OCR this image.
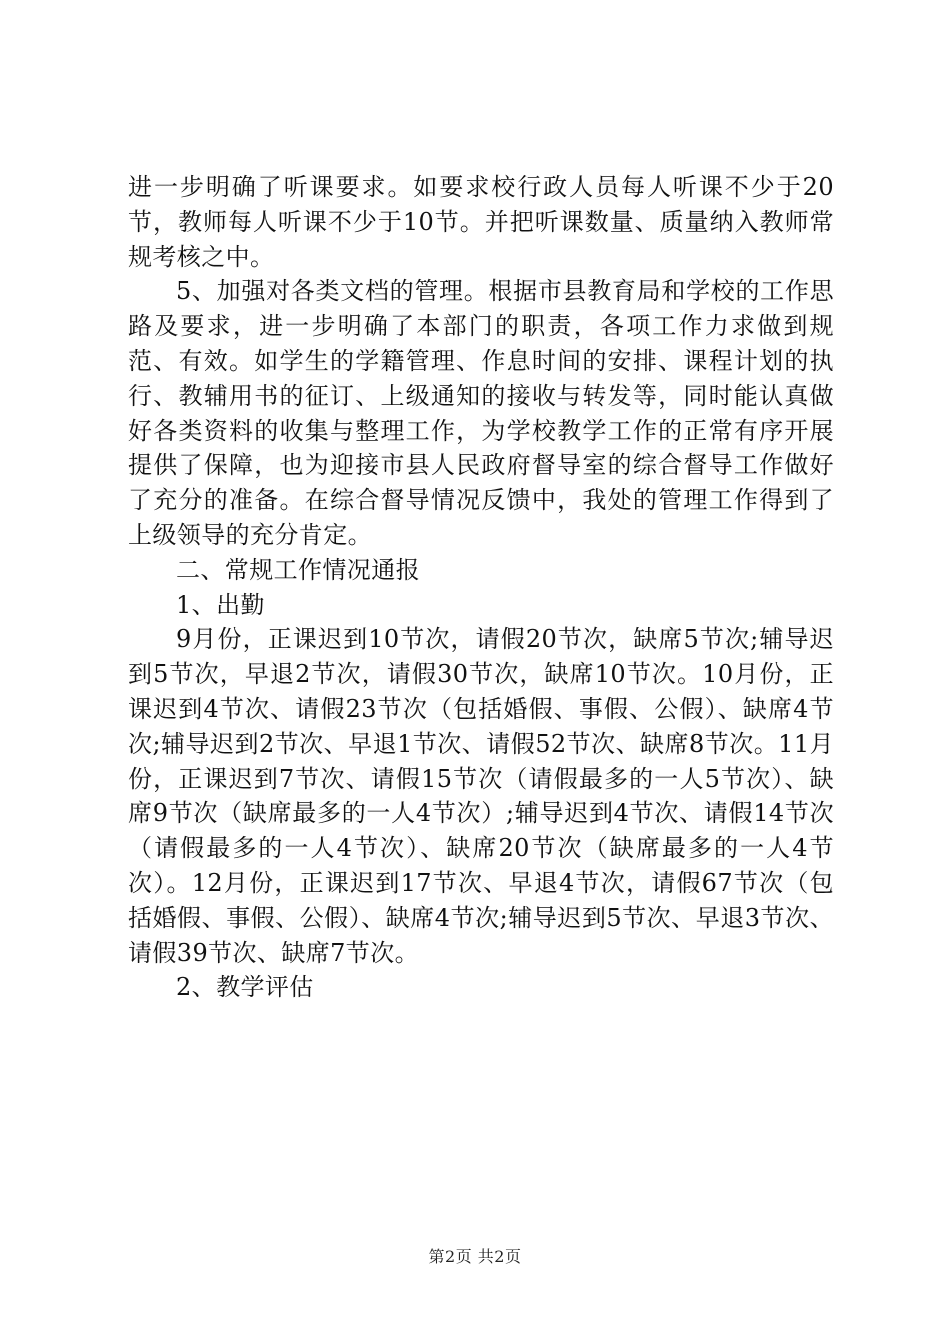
进一步明确了听课要求。如要求校行政人员每人听课不少于20节，教师每人听课不少于10节。并把听课数量、质量纳入教师常规考核之中。

5、加强对各类文档的管理。根据市县教育局和学校的工作思路及要求，进一步明确了本部门的职责，各项工作力求做到规范、有效。如学生的学籍管理、作息时间的安排、课程计划的执行、教辅用书的征订、上级通知的接收与转发等，同时能认真做好各类资料的收集与整理工作，为学校教学工作的正常有序开展提供了保障，也为迎接市县人民政府督导室的综合督导工作做好了充分的准备。在综合督导情况反馈中，我处的管理工作得到了上级领导的充分肯定。

二、常规工作情况通报

1、出勤

9月份，正课迟到10节次，请假20节次，缺席5节次;辅导迟到5节次，早退2节次，请假30节次，缺席10节次。10月份，正课迟到4节次、请假23节次（包括婚假、事假、公假）、缺席4节次;辅导迟到2节次、早退1节次、请假52节次、缺席8节次。11月份，正课迟到7节次、请假15节次（请假最多的一人5节次）、缺席9节次（缺席最多的一人4节次）;辅导迟到4节次、请假14节次（请假最多的一人4节次）、缺席20节次（缺席最多的一人4节次）。12月份，正课迟到17节次、早退4节次，请假67节次（包括婚假、事假、公假）、缺席4节次;辅导迟到5节次、早退3节次、请假39节次、缺席7节次。

2、教学评估

第2页 共2页
